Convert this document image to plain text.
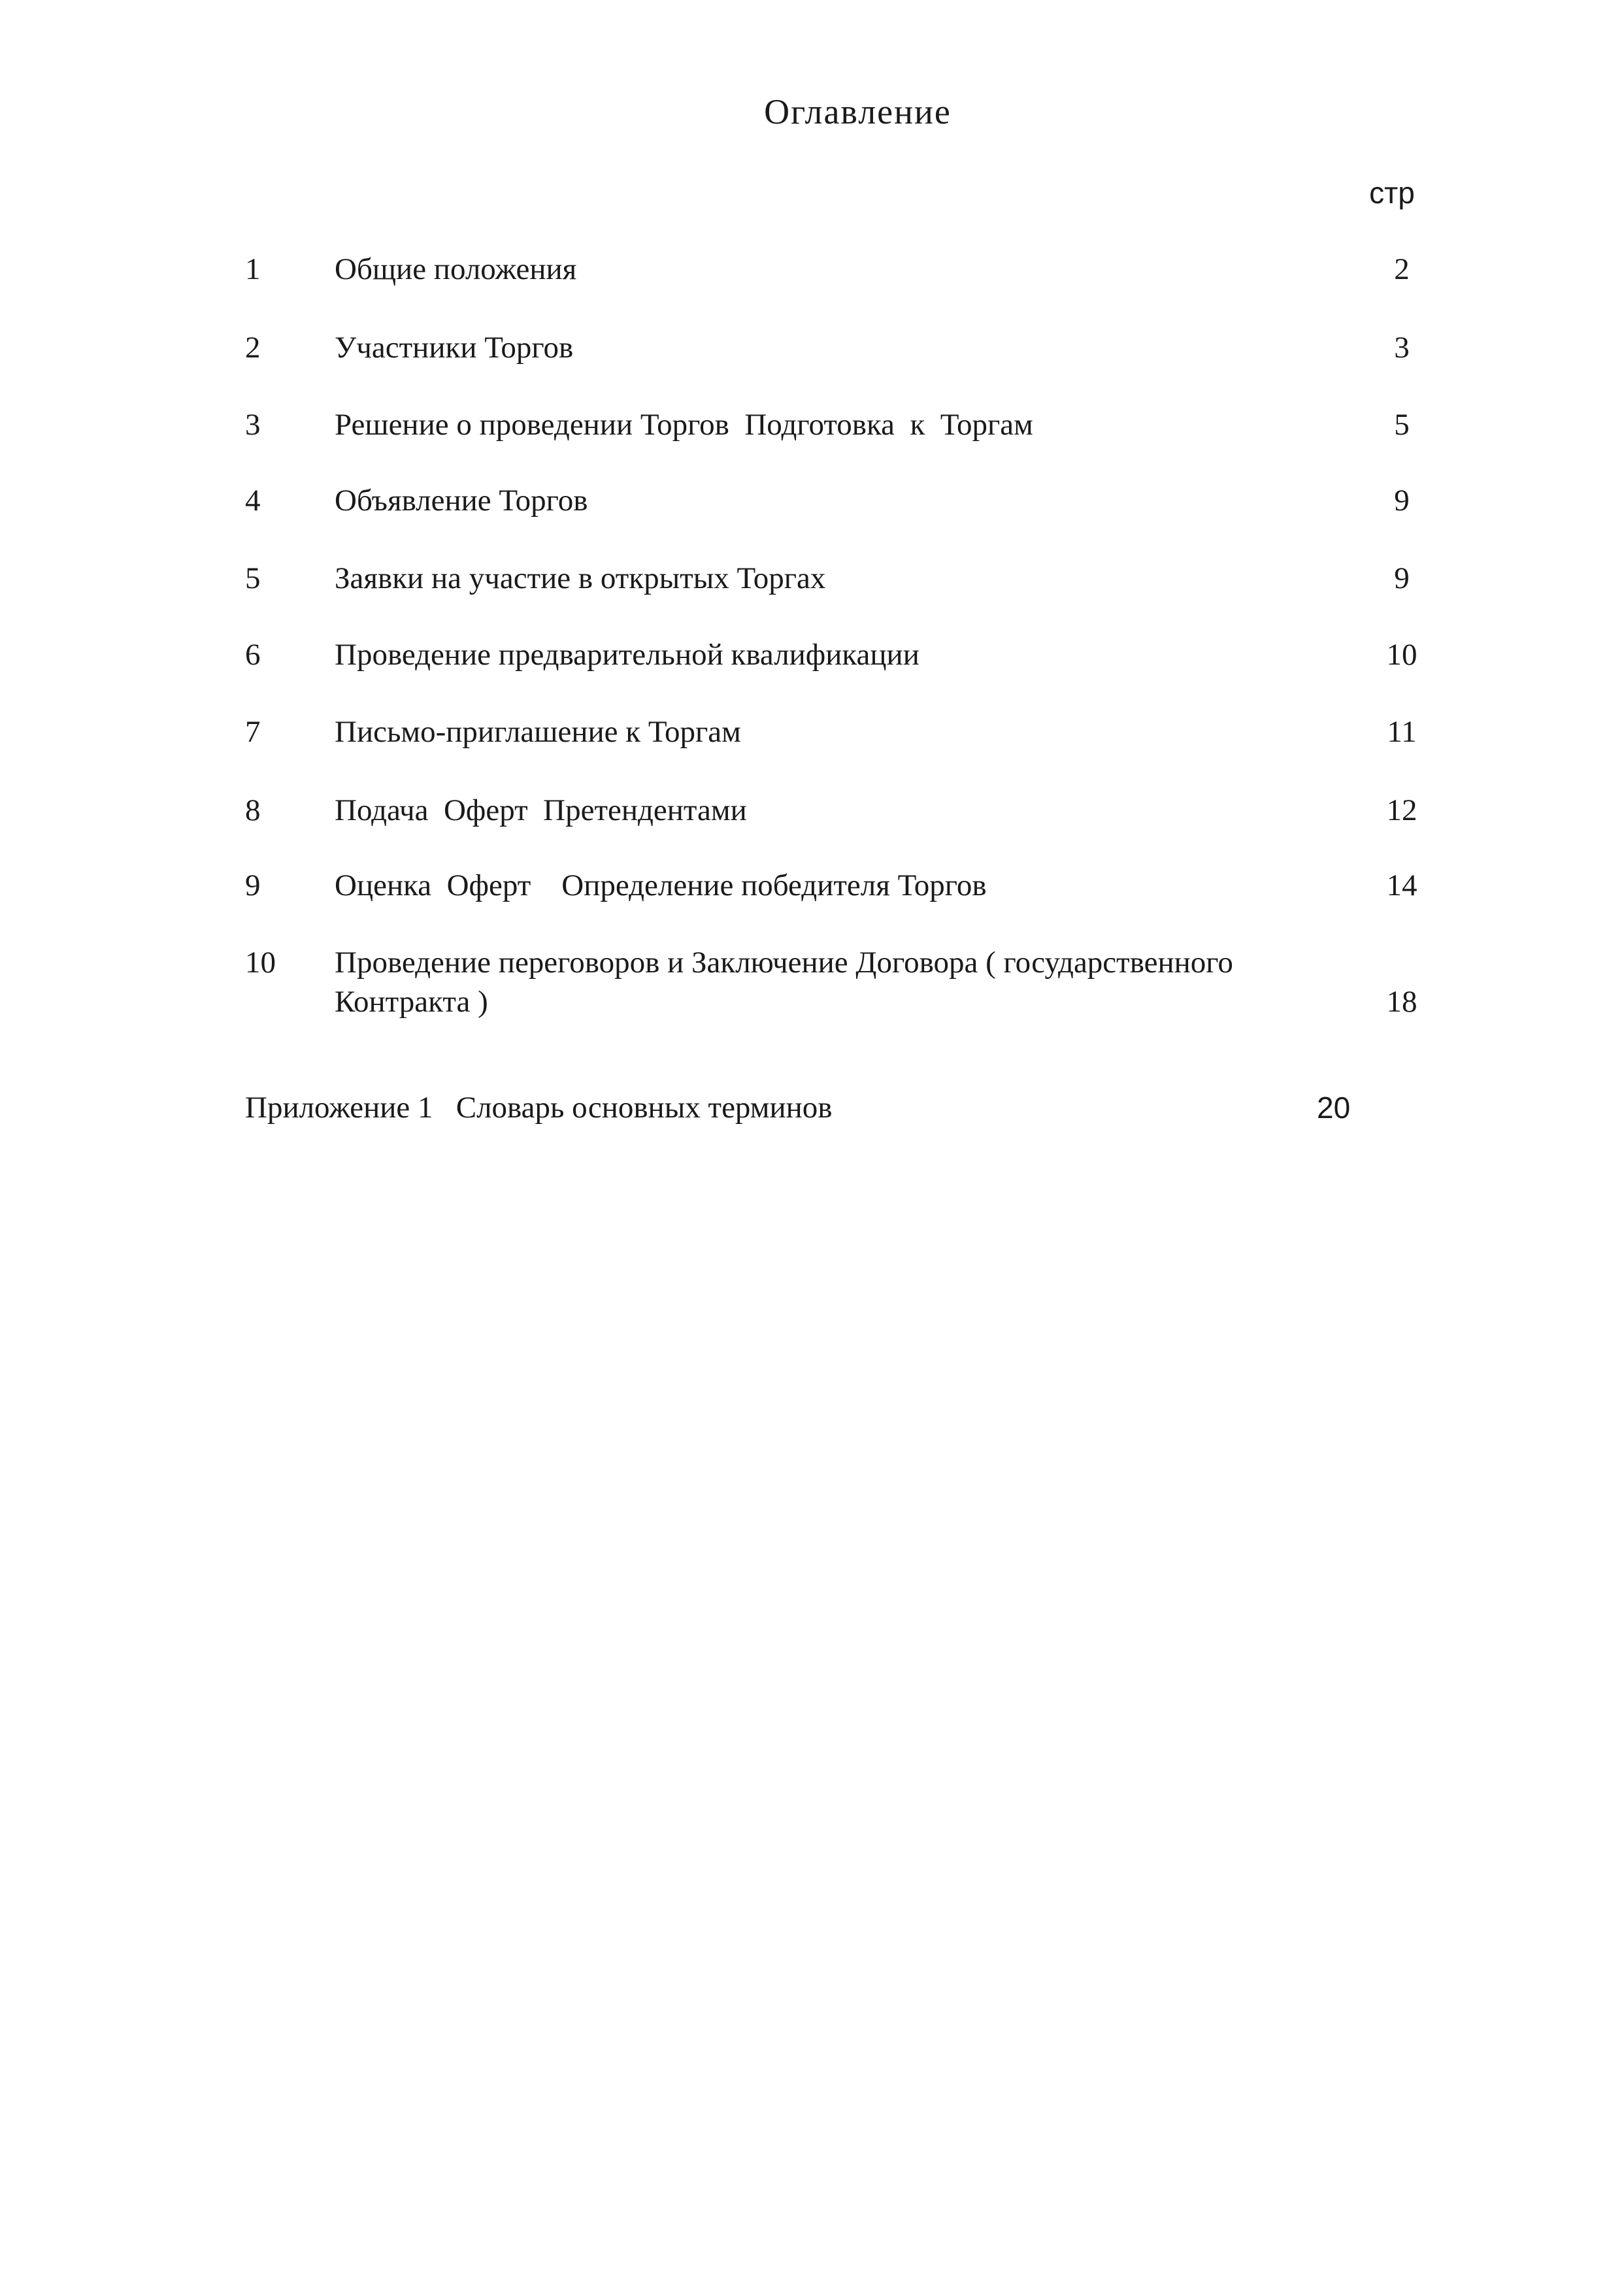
Оглавление
стр
1	Общие положения	2
2	Участники Торгов	3
3	Решение о проведении Торгов  Подготовка  к  Торгам	5
4	Объявление Торгов	9
5	Заявки на участие в открытых Торгах	9
6	Проведение предварительной квалификации	10
7	Письмо-приглашение к Торгам	11
8	Подача  Оферт  Претендентами	12
9	Оценка  Оферт    Определение победителя Торгов	14
10	Проведение переговоров и Заключение Договора ( государственного Контракта )	18
Приложение 1   Словарь основных терминов	20
